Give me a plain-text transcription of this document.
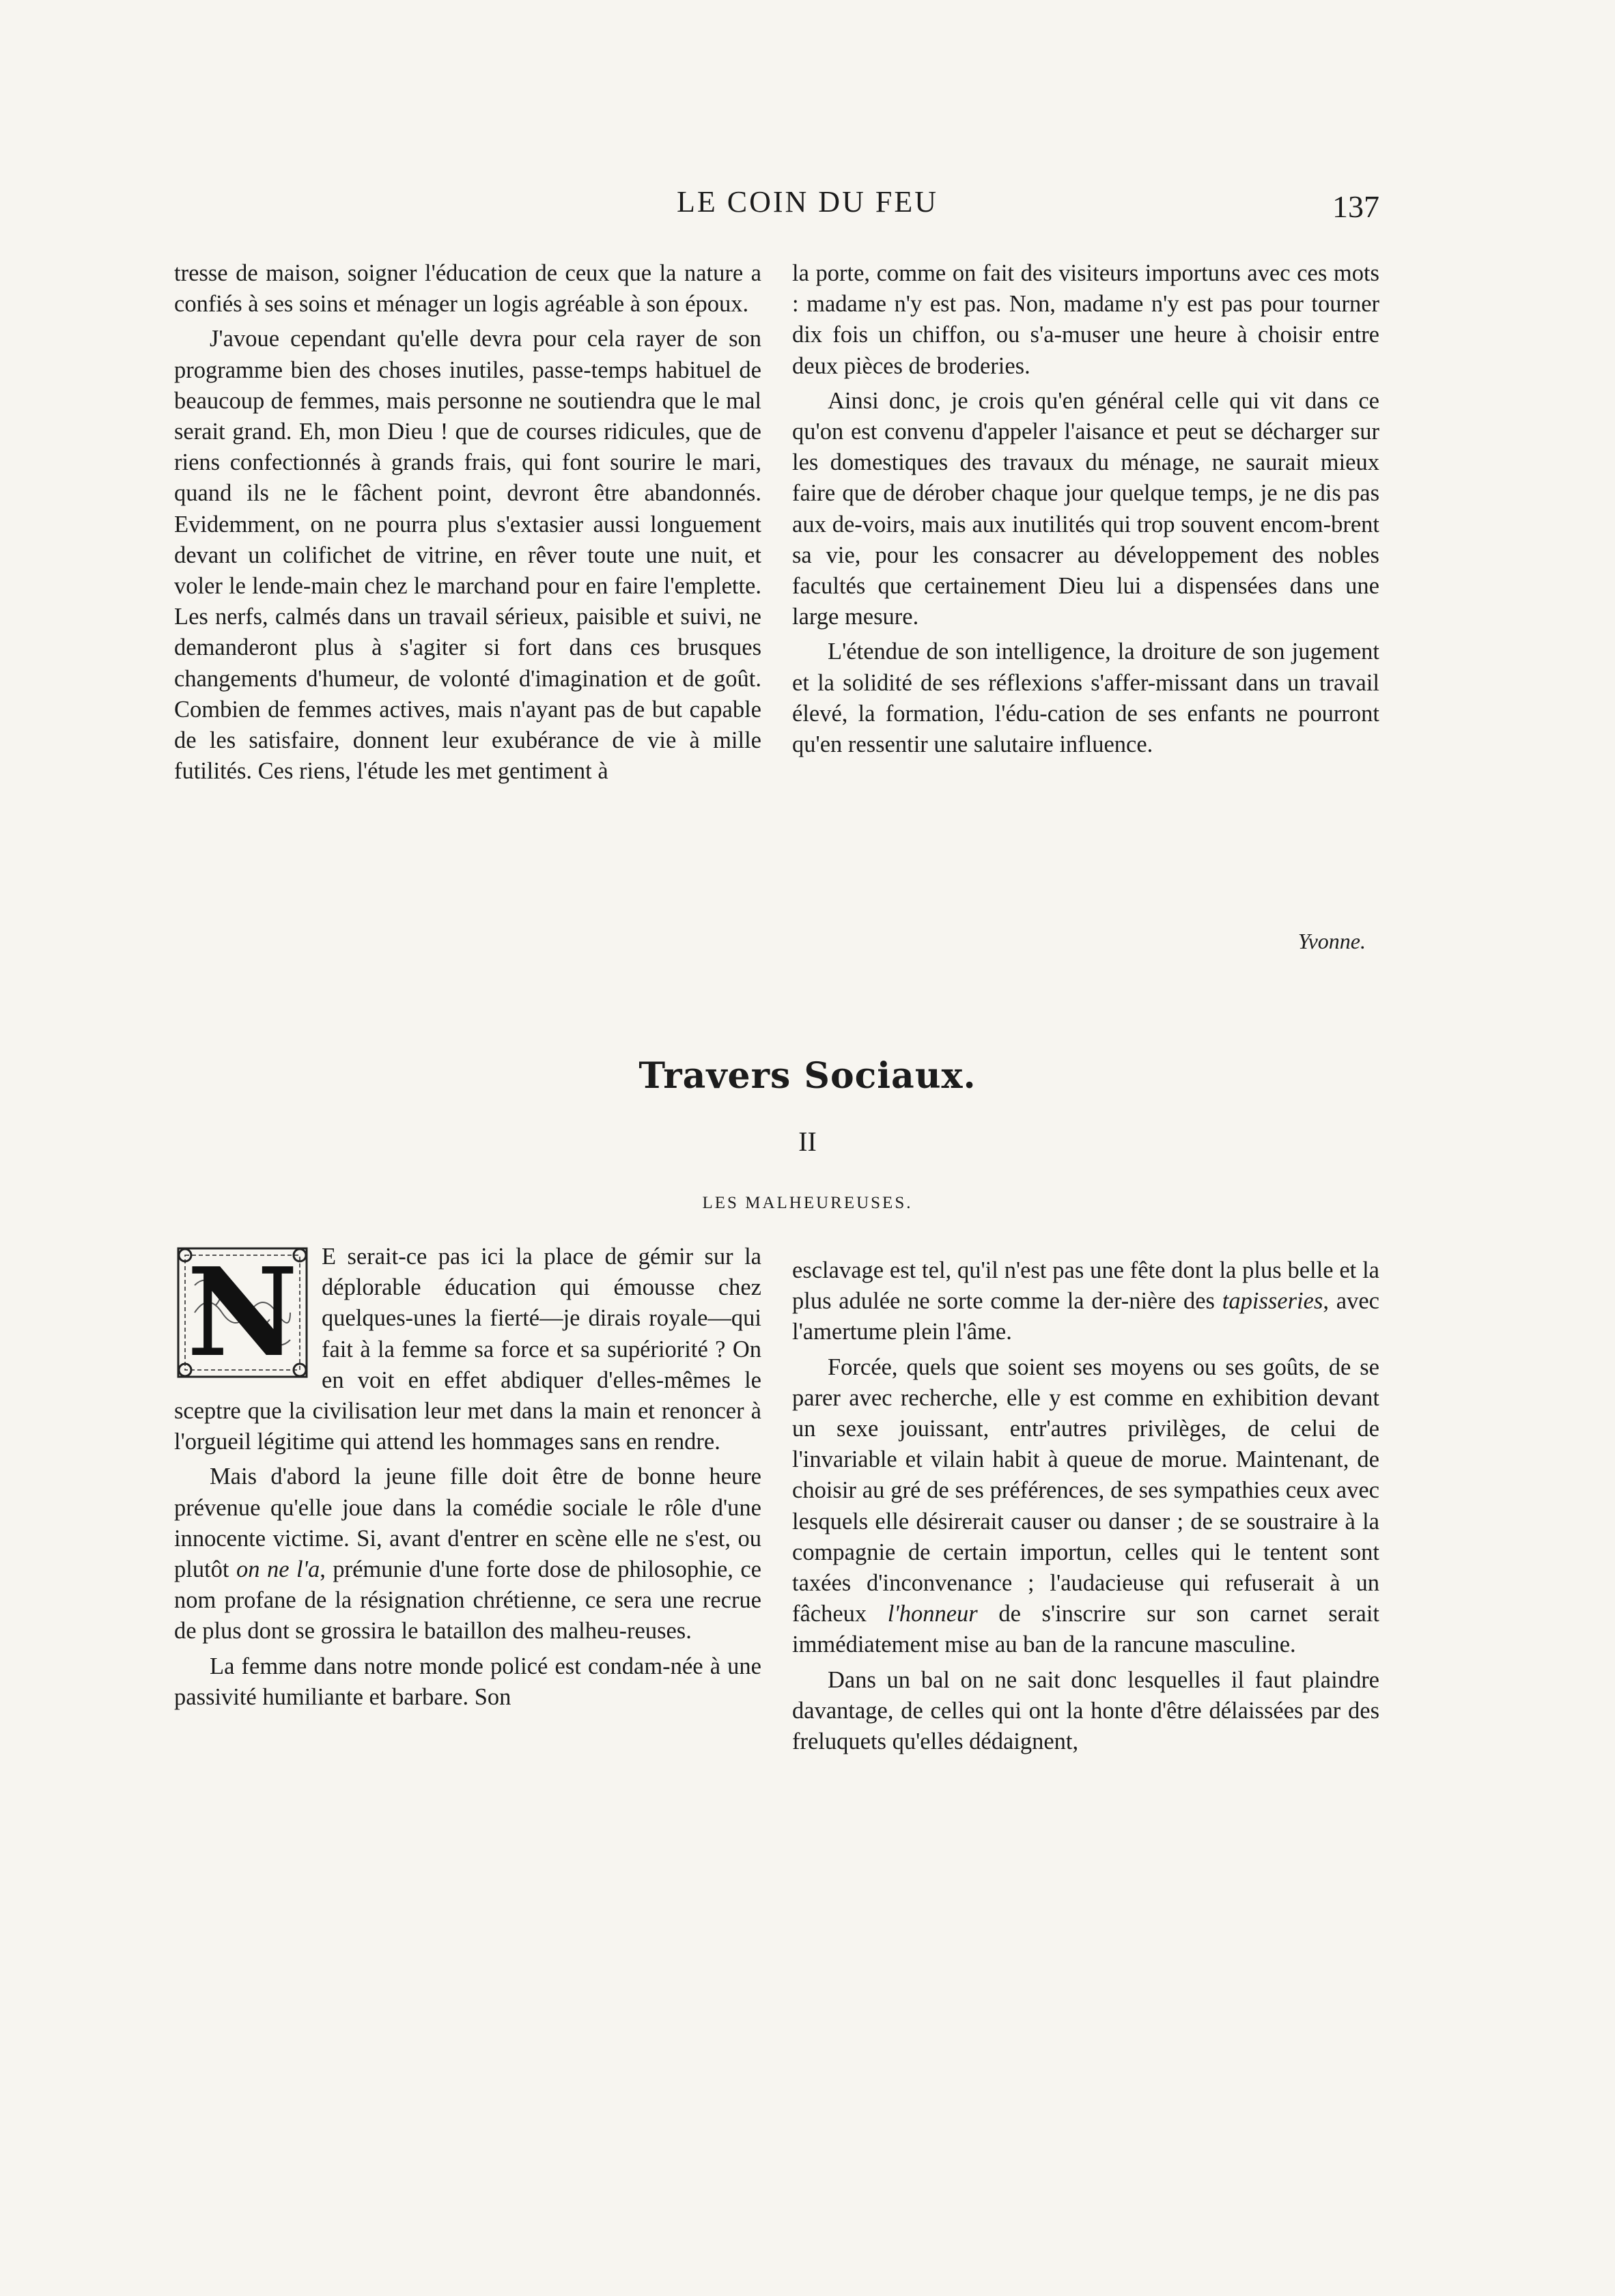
LE COIN DU FEU	137

tresse de maison, soigner l'éducation de ceux que la nature a confiés à ses soins et ménager un logis agréable à son époux.

J'avoue cependant qu'elle devra pour cela rayer de son programme bien des choses inutiles, passe-temps habituel de beaucoup de femmes, mais personne ne soutiendra que le mal serait grand. Eh, mon Dieu ! que de courses ridicules, que de riens confectionnés à grands frais, qui font sourire le mari, quand ils ne le fâchent point, devront être abandonnés. Evidemment, on ne pourra plus s'extasier aussi longuement devant un colifichet de vitrine, en rêver toute une nuit, et voler le lende-main chez le marchand pour en faire l'emplette. Les nerfs, calmés dans un travail sérieux, paisible et suivi, ne demanderont plus à s'agiter si fort dans ces brusques changements d'humeur, de volonté d'imagination et de goût. Combien de femmes actives, mais n'ayant pas de but capable de les satisfaire, donnent leur exubérance de vie à mille futilités. Ces riens, l'étude les met gentiment à

la porte, comme on fait des visiteurs importuns avec ces mots : madame n'y est pas. Non, madame n'y est pas pour tourner dix fois un chiffon, ou s'a-muser une heure à choisir entre deux pièces de broderies.

Ainsi donc, je crois qu'en général celle qui vit dans ce qu'on est convenu d'appeler l'aisance et peut se décharger sur les domestiques des travaux du ménage, ne saurait mieux faire que de dérober chaque jour quelque temps, je ne dis pas aux de-voirs, mais aux inutilités qui trop souvent encom-brent sa vie, pour les consacrer au développement des nobles facultés que certainement Dieu lui a dispensées dans une large mesure.

L'étendue de son intelligence, la droiture de son jugement et la solidité de ses réflexions s'affer-missant dans un travail élevé, la formation, l'édu-cation de ses enfants ne pourront qu'en ressentir une salutaire influence.

Yvonne.
Travers Sociaux.
II
LES MALHEUREUSES.

N	E serait-ce pas ici la place de gémir sur la déplorable éducation qui émousse chez quelques-unes la fierté—je dirais royale—qui fait à la femme sa force et sa supériorité ? On en voit en effet abdiquer d'elles-mêmes le sceptre que la civilisation leur met dans la main et renoncer à l'orgueil légitime qui attend les hommages sans en rendre.

Mais d'abord la jeune fille doit être de bonne heure prévenue qu'elle joue dans la comédie sociale le rôle d'une innocente victime. Si, avant d'entrer en scène elle ne s'est, ou plutôt on ne l'a, prémunie d'une forte dose de philosophie, ce nom profane de la résignation chrétienne, ce sera une recrue de plus dont se grossira le bataillon des malheu-reuses.

La femme dans notre monde policé est condam-née à une passivité humiliante et barbare. Son

esclavage est tel, qu'il n'est pas une fête dont la plus belle et la plus adulée ne sorte comme la der-nière des tapisseries, avec l'amertume plein l'âme.

Forcée, quels que soient ses moyens ou ses goûts, de se parer avec recherche, elle y est comme en exhibition devant un sexe jouissant, entr'autres privilèges, de celui de l'invariable et vilain habit à queue de morue. Maintenant, de choisir au gré de ses préférences, de ses sympathies ceux avec lesquels elle désirerait causer ou danser ; de se soustraire à la compagnie de certain importun, celles qui le tentent sont taxées d'inconvenance ; l'audacieuse qui refuserait à un fâcheux l'honneur de s'inscrire sur son carnet serait immédiatement mise au ban de la rancune masculine.

Dans un bal on ne sait donc lesquelles il faut plaindre davantage, de celles qui ont la honte d'être délaissées par des freluquets qu'elles dédaignent,
